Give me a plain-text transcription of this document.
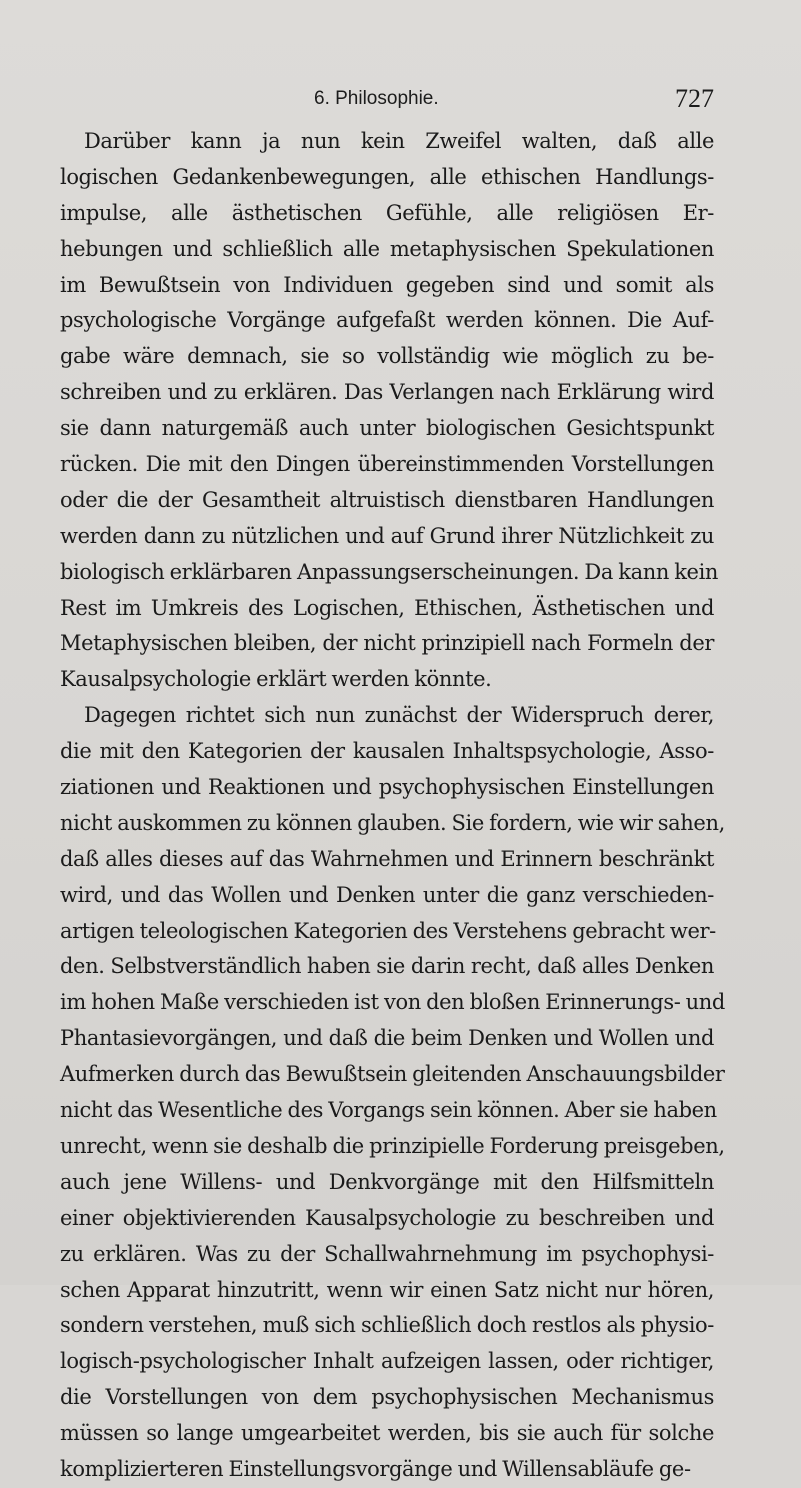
6. Philosophie.	727
Darüber kann ja nun kein Zweifel walten, daß alle
logischen Gedankenbewegungen, alle ethischen Handlungs-
impulse, alle ästhetischen Gefühle, alle religiösen Er-
hebungen und schließlich alle metaphysischen Spekulationen
im Bewußtsein von Individuen gegeben sind und somit als
psychologische Vorgänge aufgefaßt werden können. Die Auf-
gabe wäre demnach, sie so vollständig wie möglich zu be-
schreiben und zu erklären. Das Verlangen nach Erklärung wird
sie dann naturgemäß auch unter biologischen Gesichtspunkt
rücken. Die mit den Dingen übereinstimmenden Vorstellungen
oder die der Gesamtheit altruistisch dienstbaren Handlungen
werden dann zu nützlichen und auf Grund ihrer Nützlichkeit zu
biologisch erklärbaren Anpassungserscheinungen. Da kann kein
Rest im Umkreis des Logischen, Ethischen, Ästhetischen und
Metaphysischen bleiben, der nicht prinzipiell nach Formeln der
Kausalpsychologie erklärt werden könnte.
Dagegen richtet sich nun zunächst der Widerspruch derer,
die mit den Kategorien der kausalen Inhaltspsychologie, Asso-
ziationen und Reaktionen und psychophysischen Einstellungen
nicht auskommen zu können glauben. Sie fordern, wie wir sahen,
daß alles dieses auf das Wahrnehmen und Erinnern beschränkt
wird, und das Wollen und Denken unter die ganz verschieden-
artigen teleologischen Kategorien des Verstehens gebracht wer-
den. Selbstverständlich haben sie darin recht, daß alles Denken
im hohen Maße verschieden ist von den bloßen Erinnerungs- und
Phantasievorgängen, und daß die beim Denken und Wollen und
Aufmerken durch das Bewußtsein gleitenden Anschauungsbilder
nicht das Wesentliche des Vorgangs sein können. Aber sie haben
unrecht, wenn sie deshalb die prinzipielle Forderung preisgeben,
auch jene Willens- und Denkvorgänge mit den Hilfsmitteln
einer objektivierenden Kausalpsychologie zu beschreiben und
zu erklären. Was zu der Schallwahrnehmung im psychophysi-
schen Apparat hinzutritt, wenn wir einen Satz nicht nur hören,
sondern verstehen, muß sich schließlich doch restlos als physio-
logisch-psychologischer Inhalt aufzeigen lassen, oder richtiger,
die Vorstellungen von dem psychophysischen Mechanismus
müssen so lange umgearbeitet werden, bis sie auch für solche
komplizierteren Einstellungsvorgänge und Willensabläufe ge-
